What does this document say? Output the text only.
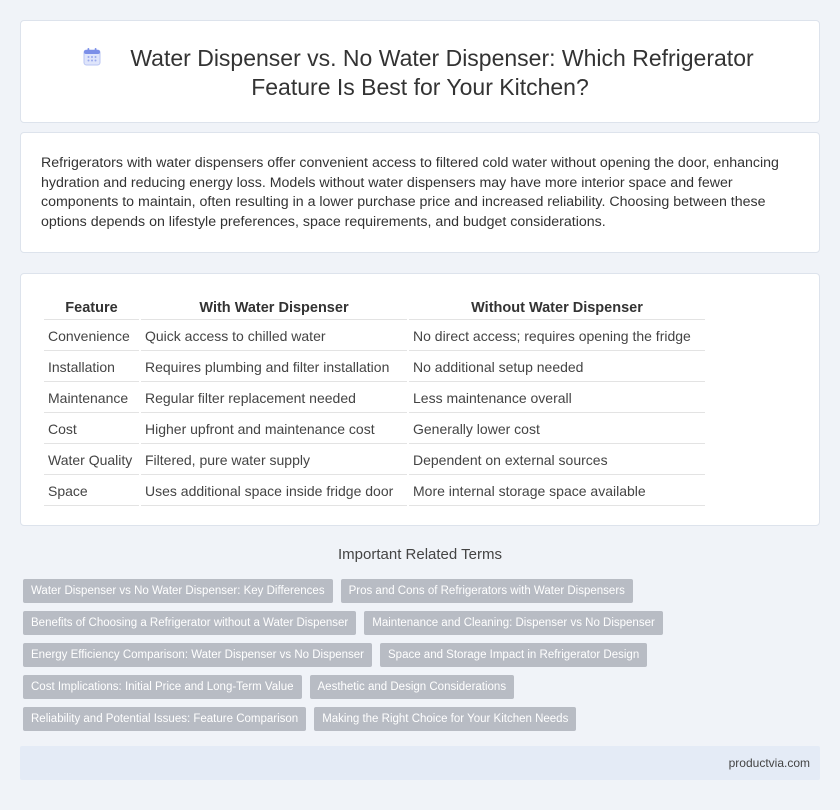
Water Dispenser vs. No Water Dispenser: Which Refrigerator
Feature Is Best for Your Kitchen?

Refrigerators with water dispensers offer convenient access to filtered cold water without opening the door, enhancing hydration and reducing energy loss. Models without water dispensers may have more interior space and fewer components to maintain, often resulting in a lower purchase price and increased reliability. Choosing between these options depends on lifestyle preferences, space requirements, and budget considerations.

Feature	With Water Dispenser	Without Water Dispenser
Convenience	Quick access to chilled water	No direct access; requires opening the fridge
Installation	Requires plumbing and filter installation	No additional setup needed
Maintenance	Regular filter replacement needed	Less maintenance overall
Cost	Higher upfront and maintenance cost	Generally lower cost
Water Quality	Filtered, pure water supply	Dependent on external sources
Space	Uses additional space inside fridge door	More internal storage space available
Important Related Terms
Water Dispenser vs No Water Dispenser: Key Differences	Pros and Cons of Refrigerators with Water Dispensers
Benefits of Choosing a Refrigerator without a Water Dispenser	Maintenance and Cleaning: Dispenser vs No Dispenser
Energy Efficiency Comparison: Water Dispenser vs No Dispenser	Space and Storage Impact in Refrigerator Design
Cost Implications: Initial Price and Long-Term Value	Aesthetic and Design Considerations
Reliability and Potential Issues: Feature Comparison	Making the Right Choice for Your Kitchen Needs
productvia.com
